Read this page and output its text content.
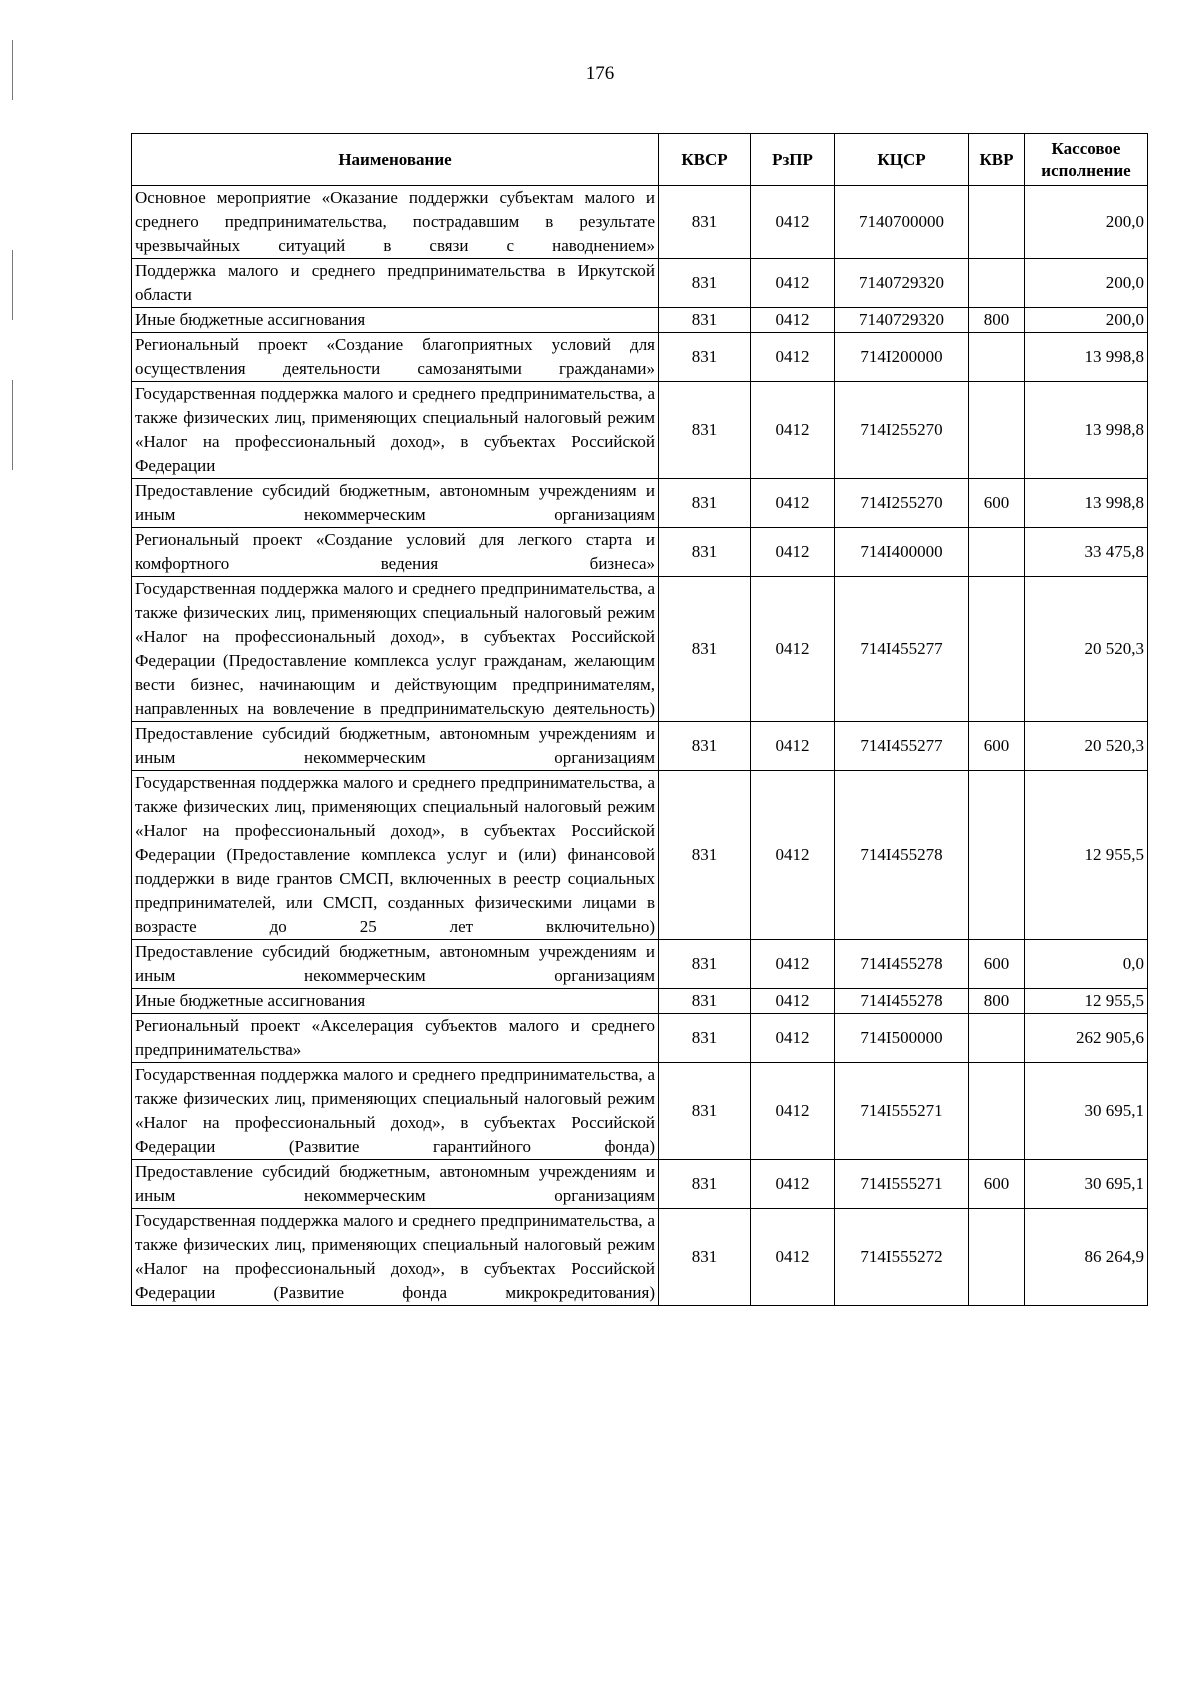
176
Наименование	КВСР	РзПР	КЦСР	КВР	Кассовое исполнение
Основное мероприятие «Оказание поддержки субъектам малого и среднего предпринимательства, пострадавшим в результате чрезвычайных ситуаций в связи с наводнением»	831	0412	7140700000		200,0
Поддержка малого и среднего предпринимательства в Иркутской области	831	0412	7140729320		200,0
Иные бюджетные ассигнования	831	0412	7140729320	800	200,0
Региональный проект «Создание благоприятных условий для осуществления деятельности самозанятыми гражданами»	831	0412	714I200000		13 998,8
Государственная поддержка малого и среднего предпринимательства, а также физических лиц, применяющих специальный налоговый режим «Налог на профессиональный доход», в субъектах Российской Федерации	831	0412	714I255270		13 998,8
Предоставление субсидий бюджетным, автономным учреждениям и иным некоммерческим организациям	831	0412	714I255270	600	13 998,8
Региональный проект «Создание условий для легкого старта и комфортного ведения бизнеса»	831	0412	714I400000		33 475,8
Государственная поддержка малого и среднего предпринимательства, а также физических лиц, применяющих специальный налоговый режим «Налог на профессиональный доход», в субъектах Российской Федерации (Предоставление комплекса услуг гражданам, желающим вести бизнес, начинающим и действующим предпринимателям, направленных на вовлечение в предпринимательскую деятельность)	831	0412	714I455277		20 520,3
Предоставление субсидий бюджетным, автономным учреждениям и иным некоммерческим организациям	831	0412	714I455277	600	20 520,3
Государственная поддержка малого и среднего предпринимательства, а также физических лиц, применяющих специальный налоговый режим «Налог на профессиональный доход», в субъектах Российской Федерации (Предоставление комплекса услуг и (или) финансовой поддержки в виде грантов СМСП, включенных в реестр социальных предпринимателей, или СМСП, созданных физическими лицами в возрасте до 25 лет включительно)	831	0412	714I455278		12 955,5
Предоставление субсидий бюджетным, автономным учреждениям и иным некоммерческим организациям	831	0412	714I455278	600	0,0
Иные бюджетные ассигнования	831	0412	714I455278	800	12 955,5
Региональный проект «Акселерация субъектов малого и среднего предпринимательства»	831	0412	714I500000		262 905,6
Государственная поддержка малого и среднего предпринимательства, а также физических лиц, применяющих специальный налоговый режим «Налог на профессиональный доход», в субъектах Российской Федерации (Развитие гарантийного фонда)	831	0412	714I555271		30 695,1
Предоставление субсидий бюджетным, автономным учреждениям и иным некоммерческим организациям	831	0412	714I555271	600	30 695,1
Государственная поддержка малого и среднего предпринимательства, а также физических лиц, применяющих специальный налоговый режим «Налог на профессиональный доход», в субъектах Российской Федерации (Развитие фонда микрокредитования)	831	0412	714I555272		86 264,9
